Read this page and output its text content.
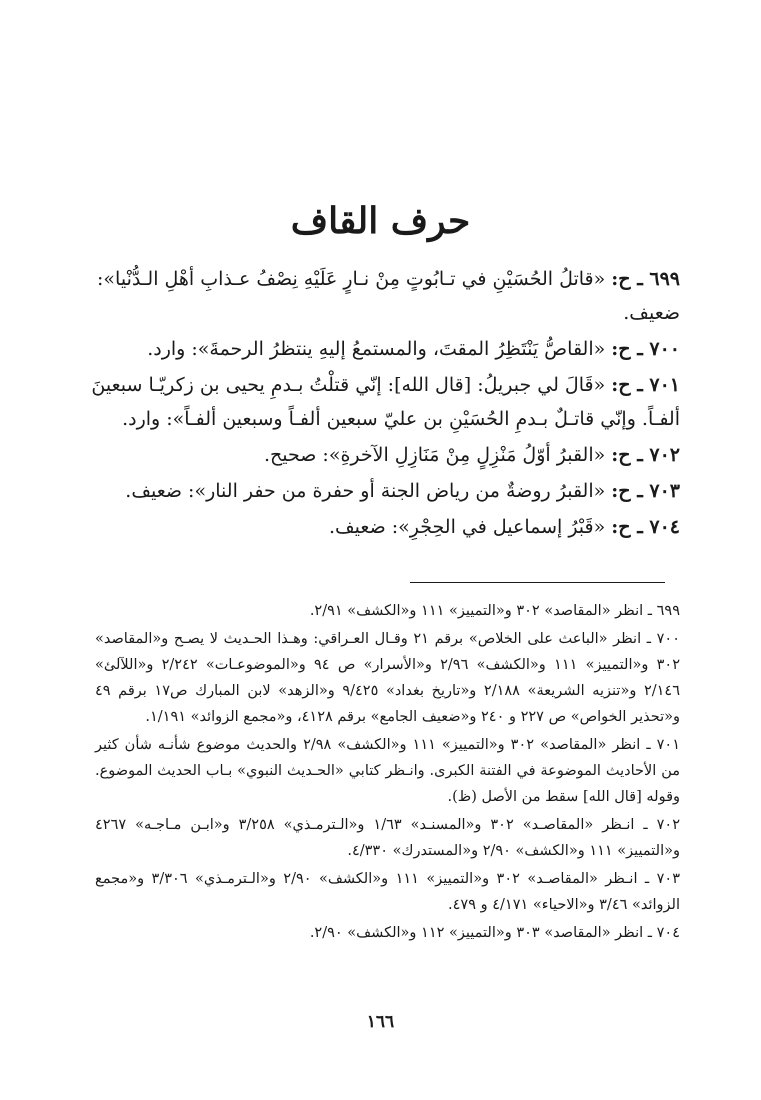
حرف القاف

٦٩٩ ـ ح: «قاتلُ الحُسَيْنِ في تـابُوتٍ مِنْ نـارٍ عَلَيْهِ نِصْفُ عـذابِ أهْلِ الـدُّنْيا»: ضعيف.

٧٠٠ ـ ح: «القاصُّ يَنْتَظِرُ المقتَ، والمستمعُ إليهِ ينتظرُ الرحمةَ»: وارد.

٧٠١ ـ ح: «قَالَ لي جبريلُ: [قال الله]: إنّي قتلْتُ بـدمِ يحيى بن زكريّـا سبعينَ ألفـاً. وإنّي قاتـلٌ بـدمِ الحُسَيْنِ بن عليّ سبعين ألفـاً وسبعين ألفـاً»: وارد.

٧٠٢ ـ ح: «القبرُ أوّلُ مَنْزِلٍ مِنْ مَنَازِلِ الآخرةِ»: صحيح.

٧٠٣ ـ ح: «القبرُ روضةٌ من رياض الجنة أو حفرة من حفر النار»: ضعيف.

٧٠٤ ـ ح: «قَبْرُ إسماعيل في الحِجْرِ»: ضعيف.

٦٩٩ ـ انظر «المقاصد» ٣٠٢ و«التمييز» ١١١ و«الكشف» ٢/٩١.

٧٠٠ ـ انظر «الباعث على الخلاص» برقم ٢١ وقـال العـراقي: وهـذا الحـديث لا يصـح و«المقاصد» ٣٠٢ و«التمييز» ١١١ و«الكشف» ٢/٩٦ و«الأسرار» ص ٩٤ و«الموضوعـات» ٢/٢٤٢ و«اللآلئ» ٢/١٤٦ و«تنزيه الشريعة» ٢/١٨٨ و«تاريخ بغداد» ٩/٤٢٥ و«الزهد» لابن المبارك ص١٧ برقم ٤٩ و«تحذير الخواص» ص ٢٢٧ و ٢٤٠ و«ضعيف الجامع» برقم ٤١٢٨، و«مجمع الزوائد» ١/١٩١.

٧٠١ ـ انظر «المقاصد» ٣٠٢ و«التمييز» ١١١ و«الكشف» ٢/٩٨ والحديث موضوع شأنـه شأن كثير من الأحاديث الموضوعة في الفتنة الكبرى. وانـظر كتابي «الحـديث النبوي» بـاب الحديث الموضوع. وقوله [قال الله] سقط من الأصل (ظ).

٧٠٢ ـ انـظر «المقاصـد» ٣٠٢ و«المسنـد» ١/٦٣ و«الـترمـذي» ٣/٢٥٨ و«ابـن مـاجـه» ٤٢٦٧ و«التمييز» ١١١ و«الكشف» ٢/٩٠ و«المستدرك» ٤/٣٣٠.

٧٠٣ ـ انـظر «المقاصـد» ٣٠٢ و«التمييز» ١١١ و«الكشف» ٢/٩٠ و«الـترمـذي» ٣/٣٠٦ و«مجمع الزوائد» ٣/٤٦ و«الاحياء» ٤/١٧١ و ٤٧٩.

٧٠٤ ـ انظر «المقاصد» ٣٠٣ و«التمييز» ١١٢ و«الكشف» ٢/٩٠.

١٦٦
